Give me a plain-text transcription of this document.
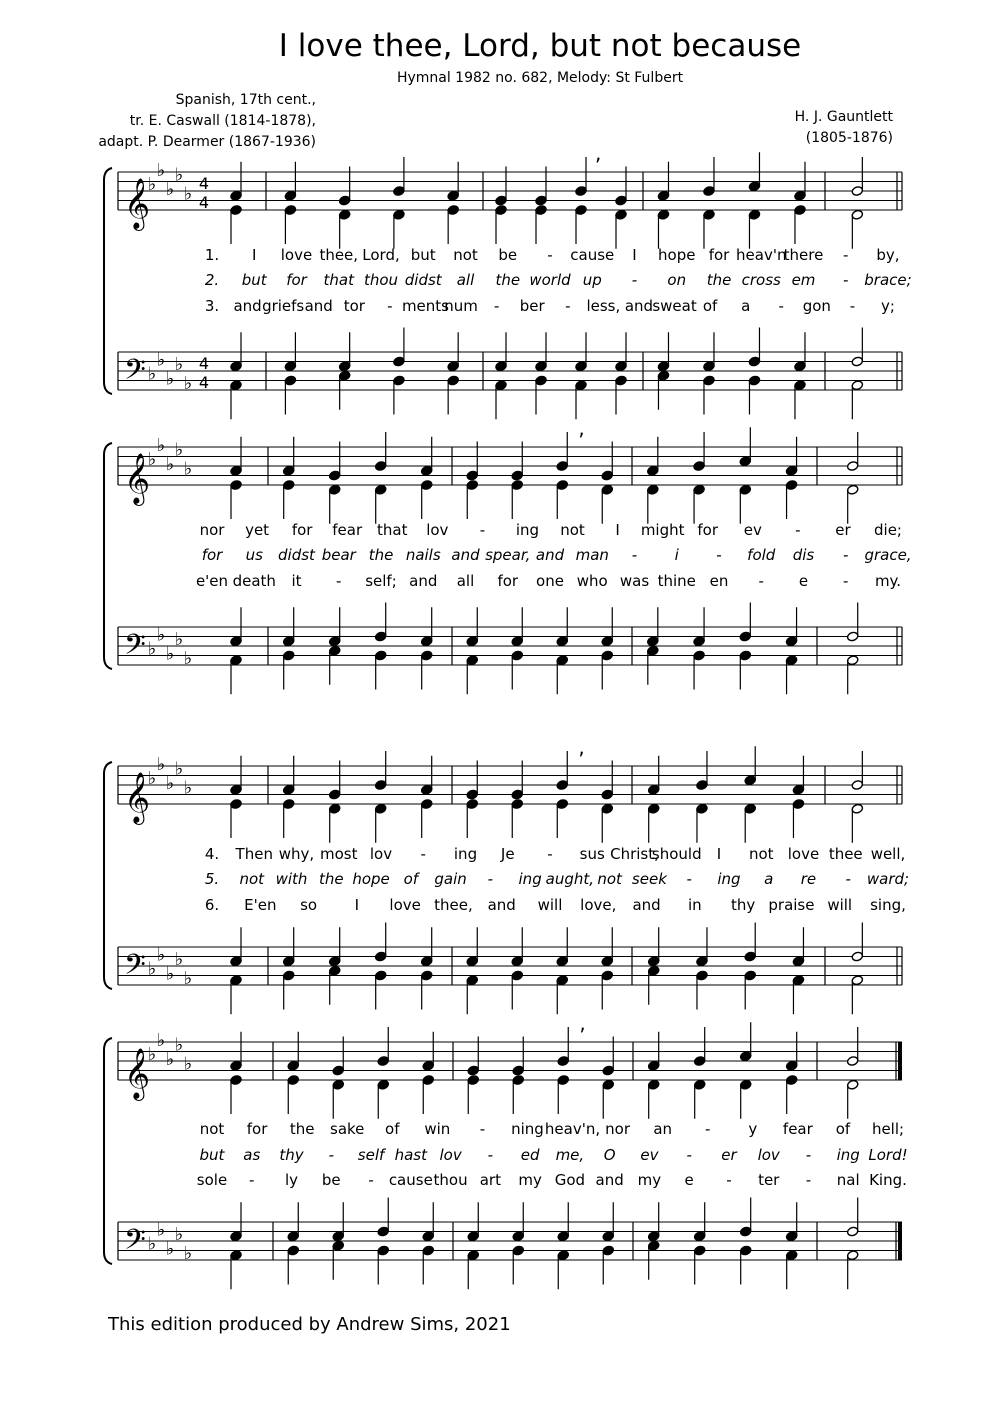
I love thee, Lord, but not because
Hymnal 1982 no. 682, Melody: St Fulbert
Spanish, 17th cent.,
tr. E. Caswall (1814-1878),
adapt. P. Dearmer (1867-1936)
H. J. Gauntlett
(1805-1876)
𝄞
𝄢
♭
♭
♭
♭
♭
♭
♭
♭
♭
♭
4
4
4
4
,
1. I love thee, Lord, but not be - cause I hope for heav'n
there - by,
2. but for that thou didst all the world up - on the cross em - brace;
3. and griefs and tor - ments
num - ber - less, and sweat of a - gon - y;
𝄞
𝄢
♭
♭
♭
♭
♭
♭
♭
♭
♭
♭
,
nor yet for fear that lov - ing not I might for ev - er die;
for us didst bear the nails and spear, and man - i - fold dis - grace,
e'en death it - self; and all for one who was thine en - e - my.
𝄞
𝄢
♭
♭
♭
♭
♭
♭
♭
♭
♭
♭
,
4. Then why, most lov - ing Je - sus Christ,
should I not love thee well,
5. not with the hope of gain - ing aught, not seek - ing a re - ward;
6. E'en so	I love thee, and will love, and in thy praise will sing,
𝄞
𝄢
♭
♭
♭
♭
♭
♭
♭
♭
♭
♭
,
not for the sake of win - ning heav'n, nor an -	y fear of hell;
but as thy - self hast lov - ed me, O ev - er lov - ing Lord!
sole - ly be - cause thou art my God and my e - ter - nal King.
This edition produced by Andrew Sims, 2021
